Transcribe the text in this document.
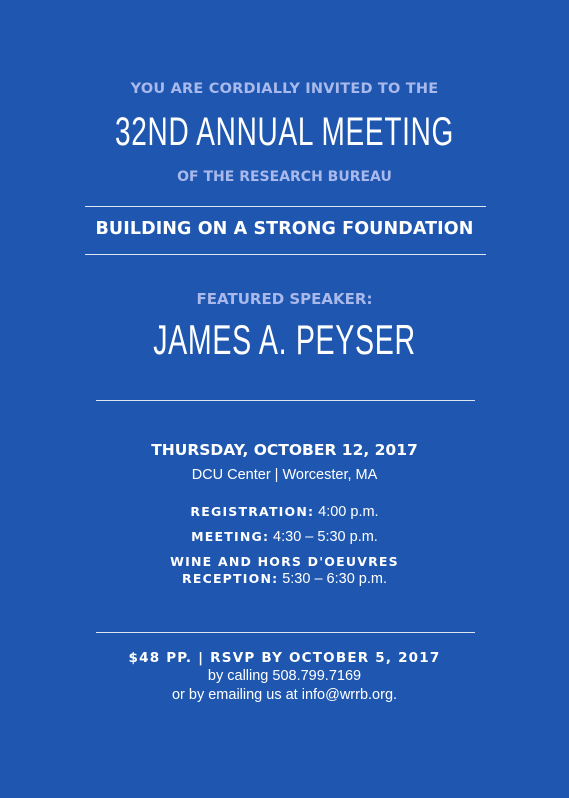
YOU ARE CORDIALLY INVITED TO THE
32ND ANNUAL MEETING
OF THE RESEARCH BUREAU
BUILDING ON A STRONG FOUNDATION
FEATURED SPEAKER:
JAMES A. PEYSER
THURSDAY, OCTOBER 12, 2017
DCU Center | Worcester, MA
REGISTRATION: 4:00 p.m.
MEETING: 4:30 – 5:30 p.m.
WINE AND HORS D'OEUVRES
RECEPTION: 5:30 – 6:30 p.m.
$48 PP. | RSVP BY OCTOBER 5, 2017
by calling 508.799.7169
or by emailing us at info@wrrb.org.
